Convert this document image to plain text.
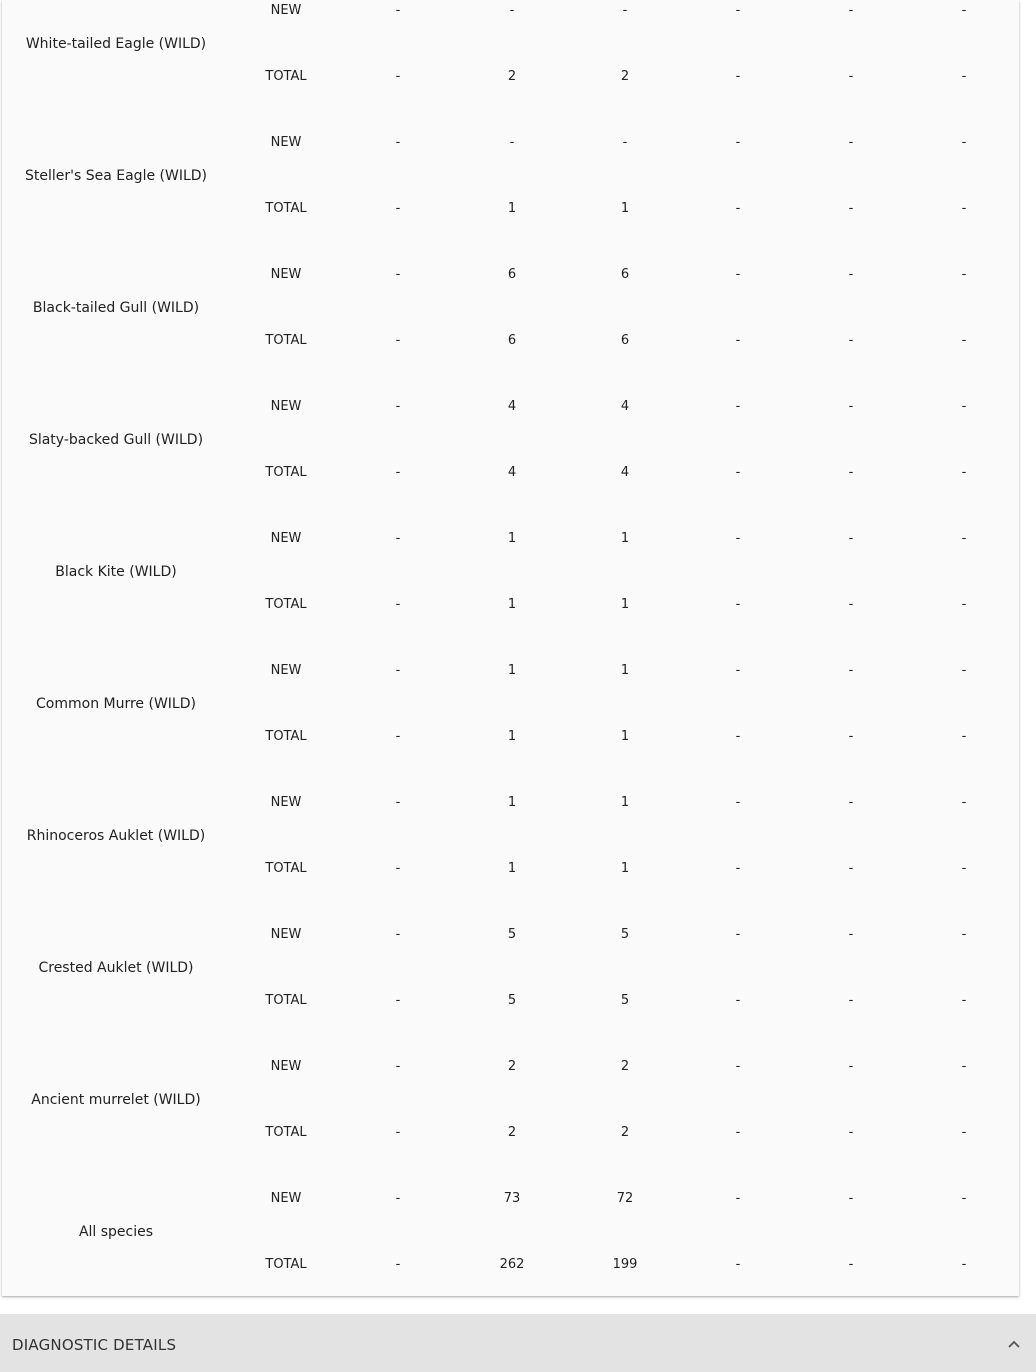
White-tailed Eagle (WILD)
NEW	-	-	-	-	-	-
TOTAL	-	2	2	-	-	-
Steller's Sea Eagle (WILD)
NEW	-	-	-	-	-	-
TOTAL	-	1	1	-	-	-
Black-tailed Gull (WILD)
NEW	-	6	6	-	-	-
TOTAL	-	6	6	-	-	-
Slaty-backed Gull (WILD)
NEW	-	4	4	-	-	-
TOTAL	-	4	4	-	-	-
Black Kite (WILD)
NEW	-	1	1	-	-	-
TOTAL	-	1	1	-	-	-
Common Murre (WILD)
NEW	-	1	1	-	-	-
TOTAL	-	1	1	-	-	-
Rhinoceros Auklet (WILD)
NEW	-	1	1	-	-	-
TOTAL	-	1	1	-	-	-
Crested Auklet (WILD)
NEW	-	5	5	-	-	-
TOTAL	-	5	5	-	-	-
Ancient murrelet (WILD)
NEW	-	2	2	-	-	-
TOTAL	-	2	2	-	-	-
All species
NEW	-	73	72	-	-	-
TOTAL	-	262	199	-	-	-
DIAGNOSTIC DETAILS
